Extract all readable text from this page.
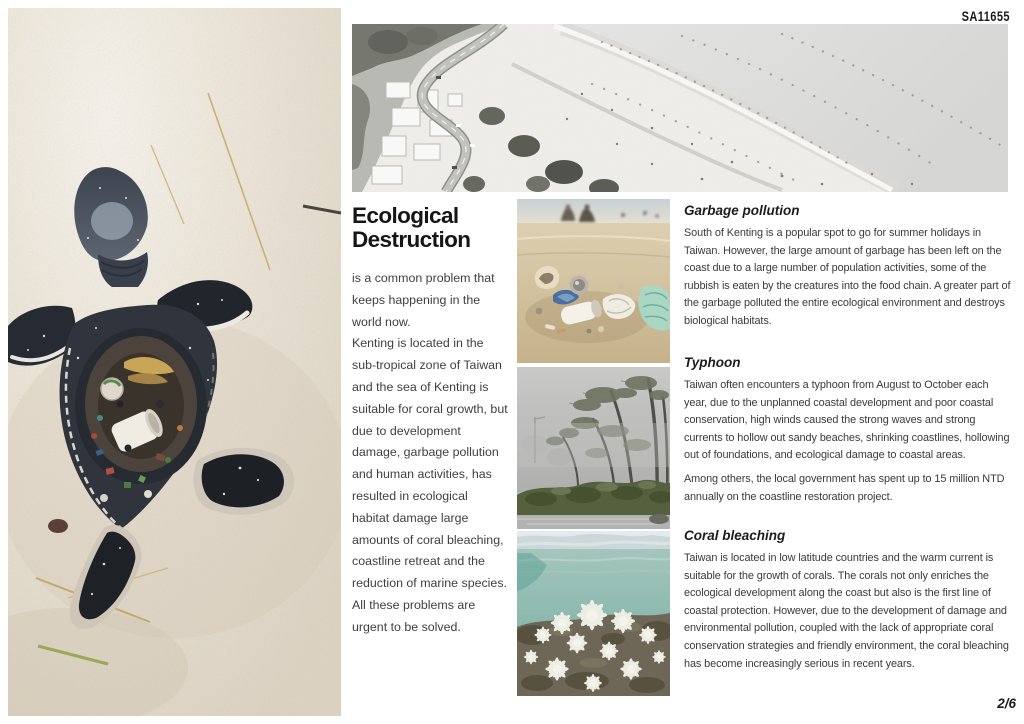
SA11655
Ecological
Destruction

is a common problem that keeps happening in the world now.

Kenting is located in the sub-tropical zone of Taiwan and the sea of Kenting is suitable for coral growth, but due to development damage, garbage pollution and human activities, has resulted in ecological habitat damage large amounts of coral bleaching, coastline retreat and the reduction of marine species. All these problems are urgent to be solved.

Garbage pollution

South of Kenting is a popular spot to go for summer holidays in Taiwan. However, the large amount of garbage has been left on the coast due to a large number of population activities, some of the rubbish is eaten by the creatures into the food chain. A greater part of the garbage polluted the entire ecological environment and destroys biological habitats.

Typhoon

Taiwan often encounters a typhoon from August to October each year, due to the unplanned coastal development and poor coastal conservation, high winds caused the strong waves and strong currents to hollow out sandy beaches, shrinking coastlines, hollowing out of foundations, and ecological damage to coastal areas.

Among others, the local government has spent up to 15 million NTD annually on the coastline restoration project.

Coral bleaching

Taiwan is located in low latitude countries and the warm current is suitable for the growth of corals. The corals not only enriches the ecological development along the coast but also is the first line of coastal protection. However, due to the development of damage and environmental pollution, coupled with the lack of appropriate coral conservation strategies and friendly environment, the coral bleaching has become increasingly serious in recent years.

2/6
